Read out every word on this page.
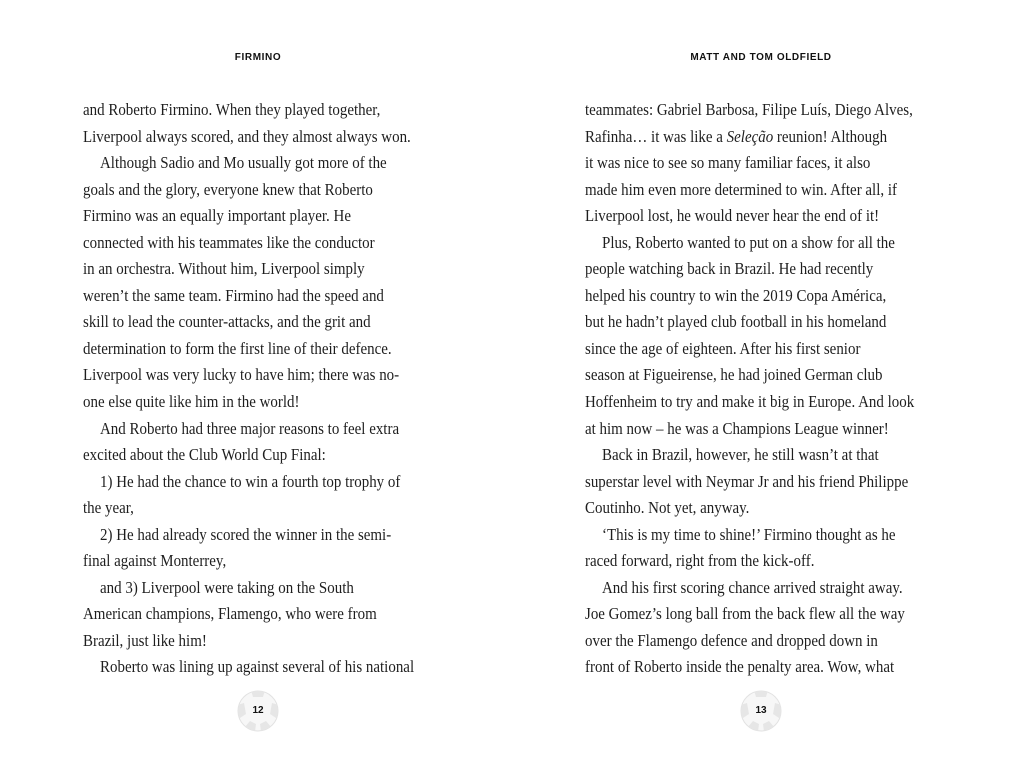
FIRMINO
and Roberto Firmino. When they played together,
Liverpool always scored, and they almost always won.
Although Sadio and Mo usually got more of the
goals and the glory, everyone knew that Roberto
Firmino was an equally important player. He
connected with his teammates like the conductor
in an orchestra. Without him, Liverpool simply
weren’t the same team. Firmino had the speed and
skill to lead the counter-attacks, and the grit and
determination to form the first line of their defence.
Liverpool was very lucky to have him; there was no-
one else quite like him in the world!
And Roberto had three major reasons to feel extra
excited about the Club World Cup Final:
1) He had the chance to win a fourth top trophy of
the year,
2) He had already scored the winner in the semi-
final against Monterrey,
and 3) Liverpool were taking on the South
American champions, Flamengo, who were from
Brazil, just like him!
Roberto was lining up against several of his national
12
MATT AND TOM OLDFIELD
teammates: Gabriel Barbosa, Filipe Luís, Diego Alves,
Rafinha… it was like a Seleção reunion! Although
it was nice to see so many familiar faces, it also
made him even more determined to win. After all, if
Liverpool lost, he would never hear the end of it!
Plus, Roberto wanted to put on a show for all the
people watching back in Brazil. He had recently
helped his country to win the 2019 Copa América,
but he hadn’t played club football in his homeland
since the age of eighteen. After his first senior
season at Figueirense, he had joined German club
Hoffenheim to try and make it big in Europe. And look
at him now – he was a Champions League winner!
Back in Brazil, however, he still wasn’t at that
superstar level with Neymar Jr and his friend Philippe
Coutinho. Not yet, anyway.
‘This is my time to shine!’ Firmino thought as he
raced forward, right from the kick-off.
And his first scoring chance arrived straight away.
Joe Gomez’s long ball from the back flew all the way
over the Flamengo defence and dropped down in
front of Roberto inside the penalty area. Wow, what
13
